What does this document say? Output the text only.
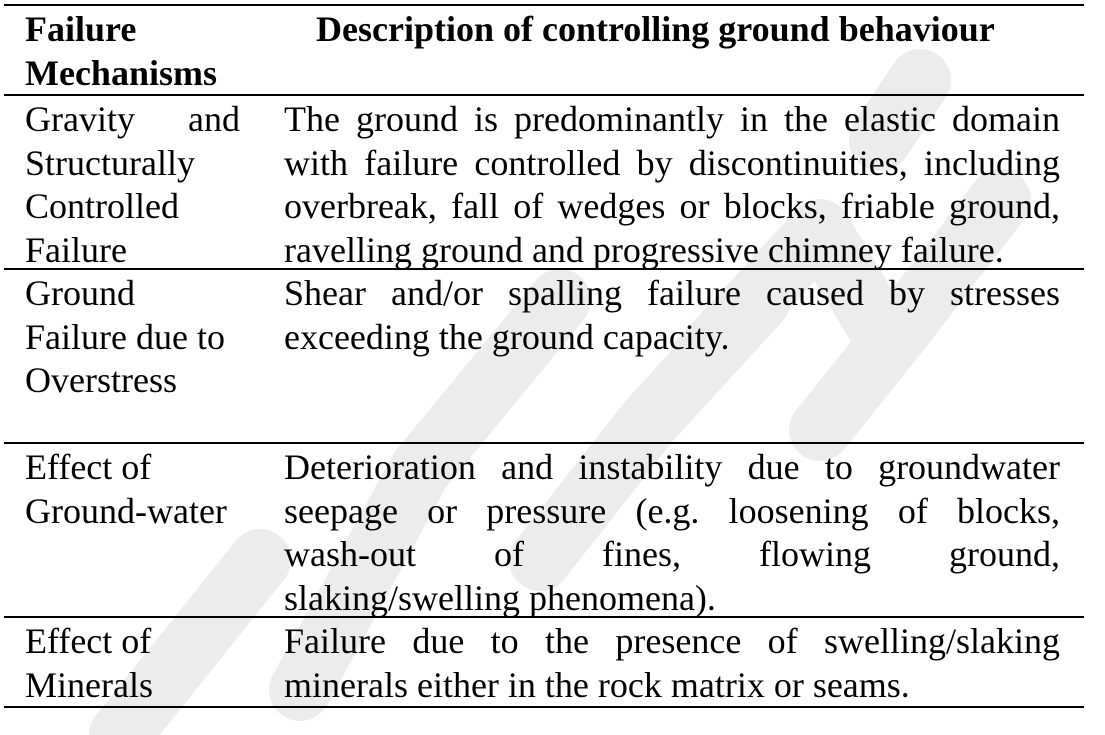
Failure
Mechanisms
Description of controlling ground behaviour
Gravity and
Structurally
Controlled
Failure
The ground is predominantly in the elastic domain
with failure controlled by discontinuities, including
overbreak, fall of wedges or blocks, friable ground,
ravelling ground and progressive chimney failure.
Ground
Failure due to
Overstress
Shear and/or spalling failure caused by stresses
exceeding the ground capacity.
Effect of
Ground-water
Deterioration and instability due to groundwater
seepage or pressure (e.g. loosening of blocks,
wash-out of fines, flowing ground,
slaking/swelling phenomena).
Effect of
Minerals
Failure due to the presence of swelling/slaking
minerals either in the rock matrix or seams.
